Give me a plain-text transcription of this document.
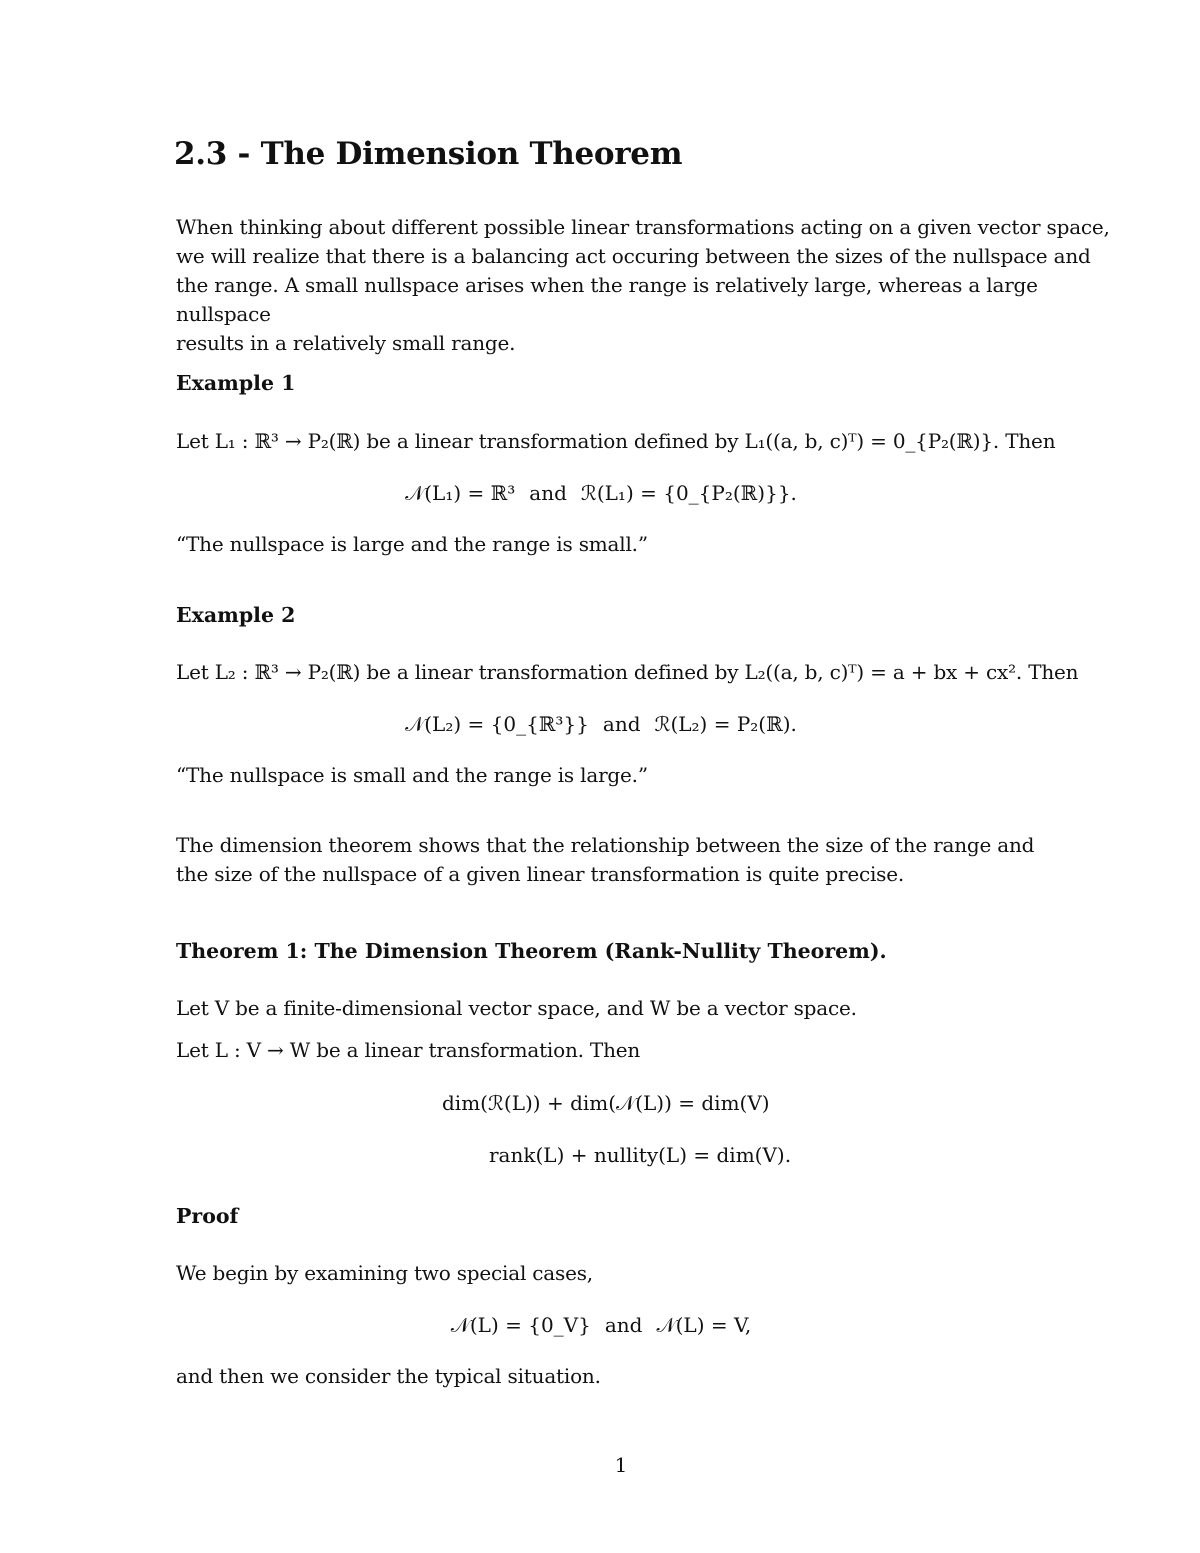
2.3 - The Dimension Theorem

When thinking about different possible linear transformations acting on a given vector space,
we will realize that there is a balancing act occuring between the sizes of the nullspace and
the range. A small nullspace arises when the range is relatively large, whereas a large nullspace
results in a relatively small range.

Example 1

Let L₁ : ℝ³ → P₂(ℝ) be a linear transformation defined by L₁((a, b, c)ᵀ) = 0_{P₂(ℝ)}. Then

𝒩(L₁) = ℝ³ and ℛ(L₁) = {0_{P₂(ℝ)}}.

“The nullspace is large and the range is small.”

Example 2

Let L₂ : ℝ³ → P₂(ℝ) be a linear transformation defined by L₂((a, b, c)ᵀ) = a + bx + cx². Then

𝒩(L₂) = {0_{ℝ³}} and ℛ(L₂) = P₂(ℝ).

“The nullspace is small and the range is large.”

The dimension theorem shows that the relationship between the size of the range and
the size of the nullspace of a given linear transformation is quite precise.

Theorem 1: The Dimension Theorem (Rank-Nullity Theorem).

Let V be a finite-dimensional vector space, and W be a vector space.

Let L : V → W be a linear transformation. Then

dim(ℛ(L)) + dim(𝒩(L)) = dim(V)

rank(L) + nullity(L) = dim(V).

Proof

We begin by examining two special cases,

𝒩(L) = {0_V} and 𝒩(L) = V,

and then we consider the typical situation.

1
